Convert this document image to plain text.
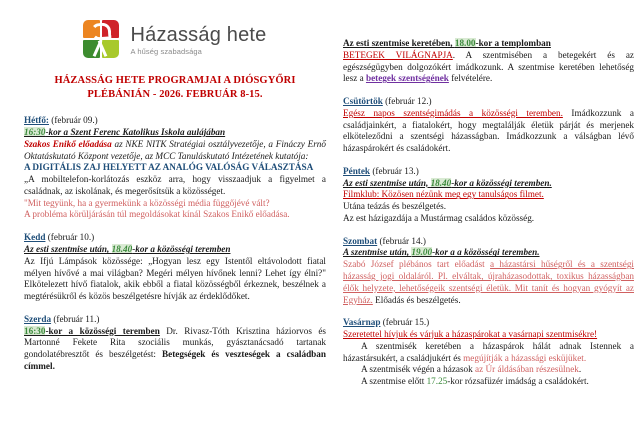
Házasság hete
A hűség szabadsága
HÁZASSÁG HETE PROGRAMJAI A DIÓSGYŐRI
PLÉBÁNIÁN - 2026. FEBRUÁR 8-15.

Hétfő: (február 09.)

16:30-kor a Szent Ferenc Katolikus Iskola aulájában

Szakos Enikő előadása az NKE NITK Stratégiai osztályvezetője, a Fináczy Ernő Oktatáskutató Központ vezetője, az MCC Tanuláskutató Intézetének kutatója:

A DIGITÁLIS ZAJ HELYETT AZ ANALÓG VALÓSÁG VÁLASZTÁSA

„A mobiltelefon-korlátozás eszköz arra, hogy visszaadjuk a figyelmet a családnak, az iskolának, és megerősítsük a közösséget.

"Mit tegyünk, ha a gyermekünk a közösségi média függőjévé vált?

A probléma körüljárásán túl megoldásokat kínál Szakos Enikő előadása.

Kedd (február 10.)

Az esti szentmise után, 18.40-kor a közösségi teremben

Az Ifjú Lámpások közössége: „Hogyan lesz egy Istentől eltávolodott fiatal mélyen hívővé a mai világban? Megéri mélyen hívőnek lenni? Lehet így élni?" Elkötelezett hívő fiatalok, akik ebből a fiatal közösségből érkeznek, beszélnek a megtérésükről és közös beszélgetésre hívják az érdeklődőket.

Szerda (február 11.)

16:30-kor a közösségi teremben Dr. Rivasz-Tóth Krisztina háziorvos és Martonné Fekete Rita szociális munkás, gyásztanácsadó tartanak gondolatébresztőt és beszélgetést: Betegségek és veszteségek a családban címmel.

Az esti szentmise keretében, 18.00-kor a templomban

BETEGEK VILÁGNAPJA. A szentmisében a betegekért és az egészségügyben dolgozókért imádkozunk. A szentmise keretében lehetőség lesz a betegek szentségének felvételére.

Csütörtök (február 12.)

Egész napos szentségimádás a közösségi teremben. Imádkozzunk a családjainkért, a fiatalokért, hogy megtalálják életük párját és merjenek elköteleződni a szentségi házasságban. Imádkozzunk a válságban lévő házaspárokért és családokért.

Péntek (február 13.)

Az esti szentmise után, 18.40-kor a közösségi teremben.

Filmklub: Közösen nézünk meg egy tanulságos filmet.

Utána teázás és beszélgetés.

Az est házigazdája a Mustármag családos közösség.

Szombat (február 14.)

A szentmise után, 19.00-kor a a közösségi teremben.

Szabó József plébános tart előadást a házastársi hűségről és a szentségi házasság jogi oldaláról. Pl. elváltak, újraházasodottak, toxikus házasságban élők helyzete, lehetőségeik szentségi életük. Mit tanít és hogyan gyógyít az Egyház. Előadás és beszélgetés.

Vasárnap (február 15.)

Szeretettel hívjuk és várjuk a házaspárokat a vasárnapi szentmisékre!

A szentmisék keretében a házaspárok hálát adnak Istennek a házastársukért, a családjukért és megújítják a házassági esküjüket.

A szentmisék végén a házasok az Úr áldásában részesülnek.

A szentmise előtt 17.25-kor rózsafüzér imádság a családokért.
